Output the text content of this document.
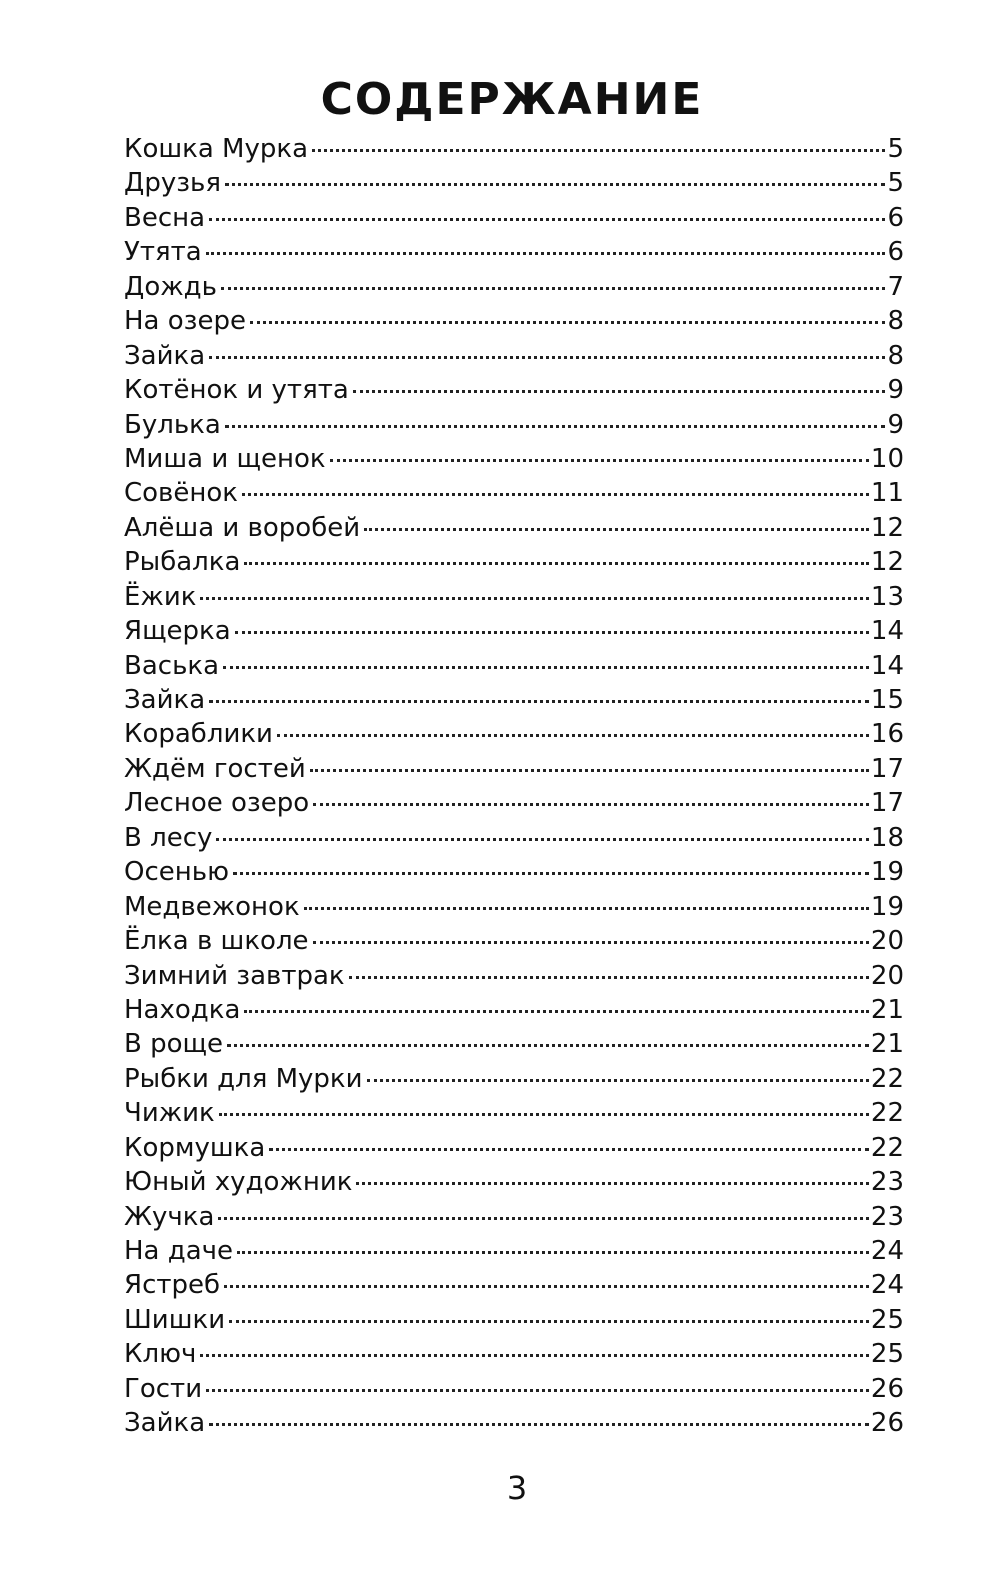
СОДЕРЖАНИЕ
Кошка Мурка	5
Друзья	5
Весна	6
Утята	6
Дождь	7
На озере	8
Зайка	8
Котёнок и утята	9
Булька	9
Миша и щенок	10
Совёнок	11
Алёша и воробей	12
Рыбалка	12
Ёжик	13
Ящерка	14
Васька	14
Зайка	15
Кораблики	16
Ждём гостей	17
Лесное озеро	17
В лесу	18
Осенью	19
Медвежонок	19
Ёлка в школе	20
Зимний завтрак	20
Находка	21
В роще	21
Рыбки для Мурки	22
Чижик	22
Кормушка	22
Юный художник	23
Жучка	23
На даче	24
Ястреб	24
Шишки	25
Ключ	25
Гости	26
Зайка	26
3
